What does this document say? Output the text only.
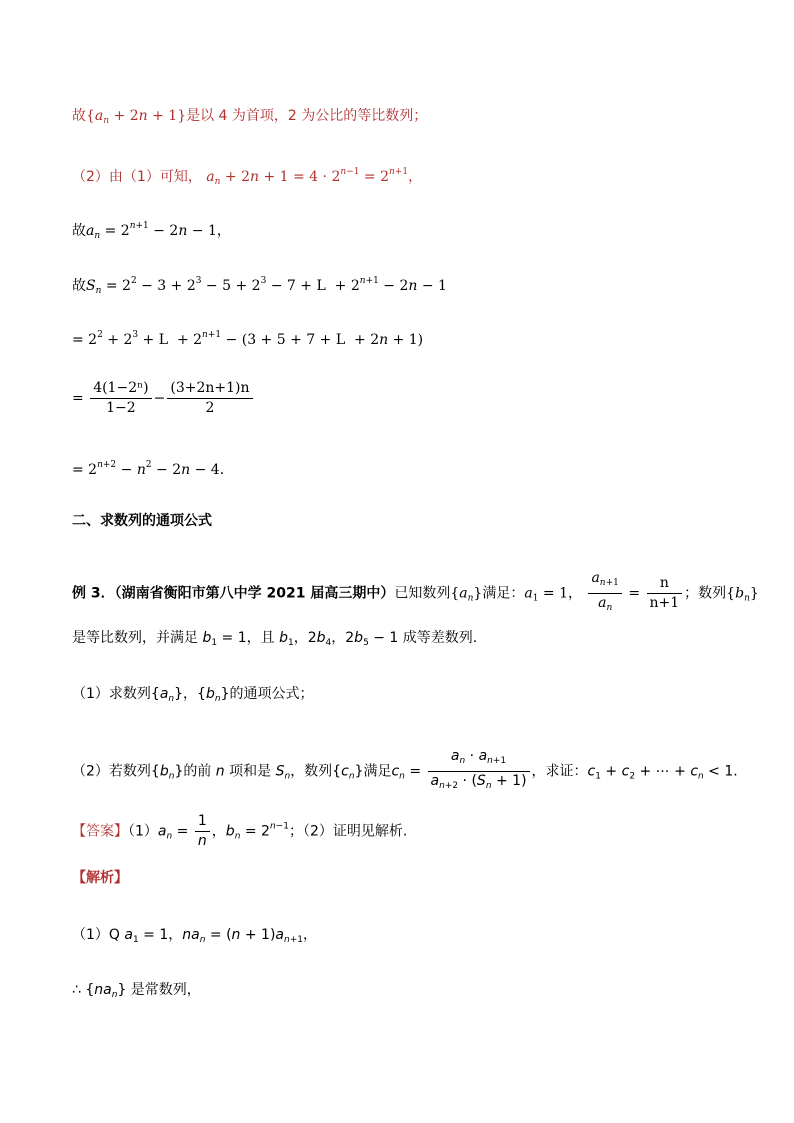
故$\{a_n + 2n + 1\}$是以 4 为首项，2 为公比的等比数列；
（2）由（1）可知， $a_n + 2n + 1 = 4 \cdot 2^{n-1} = 2^{n+1}$，
故$a_n = 2^{n+1} - 2n - 1$，
故$S_n = 2^2 - 3 + 2^3 - 5 + 2^3 - 7 + L + 2^{n+1} - 2n - 1$
= $2^2 + 2^3 + L + 2^{n+1} - (3 + 5 + 7 + L + 2n + 1)$
= $\frac{\text{4(1−2ⁿ)}}{1-2} - \frac{(3+2n+1)n}{2}$
= $2^{n+2} - n^2 - 2n - 4$．
二、求数列的通项公式
例 3．（湖南省衡阳市第八中学 2021 届高三期中）已知数列$\{a_n\}$满足：$a_1 = 1$， $\frac{a_{n+1}}{a_n} = \frac{n}{n+1}$ ；数列$\{b_n\}$
是等比数列，并满足 $b_1 = 1$，且 $b_1$，$2b_4$，$2b_5 - 1$ 成等差数列.
（1）求数列$\{a_n\}$，$\{b_n\}$的通项公式；
（2）若数列$\{b_n\}$的前 n 项和是 $S_n$，数列$\{c_n\}$满足$c_n = \frac{a_n \cdot a_{n+1}}{a_{n+2} \cdot (S_n + 1)}$ ，求证：$c_1 + c_2$ + ⋯ + $c_n < 1$.
【答案】$(1)a_n = \frac{1}{n}$ ，$b_n = 2^{n-1}$；（2）证明见解析.
【解析】
（1）Q $a_1 = 1$，$na_n = (n + 1)a_{n+1}$，
∴ $\{na_n\}$ 是常数列，
